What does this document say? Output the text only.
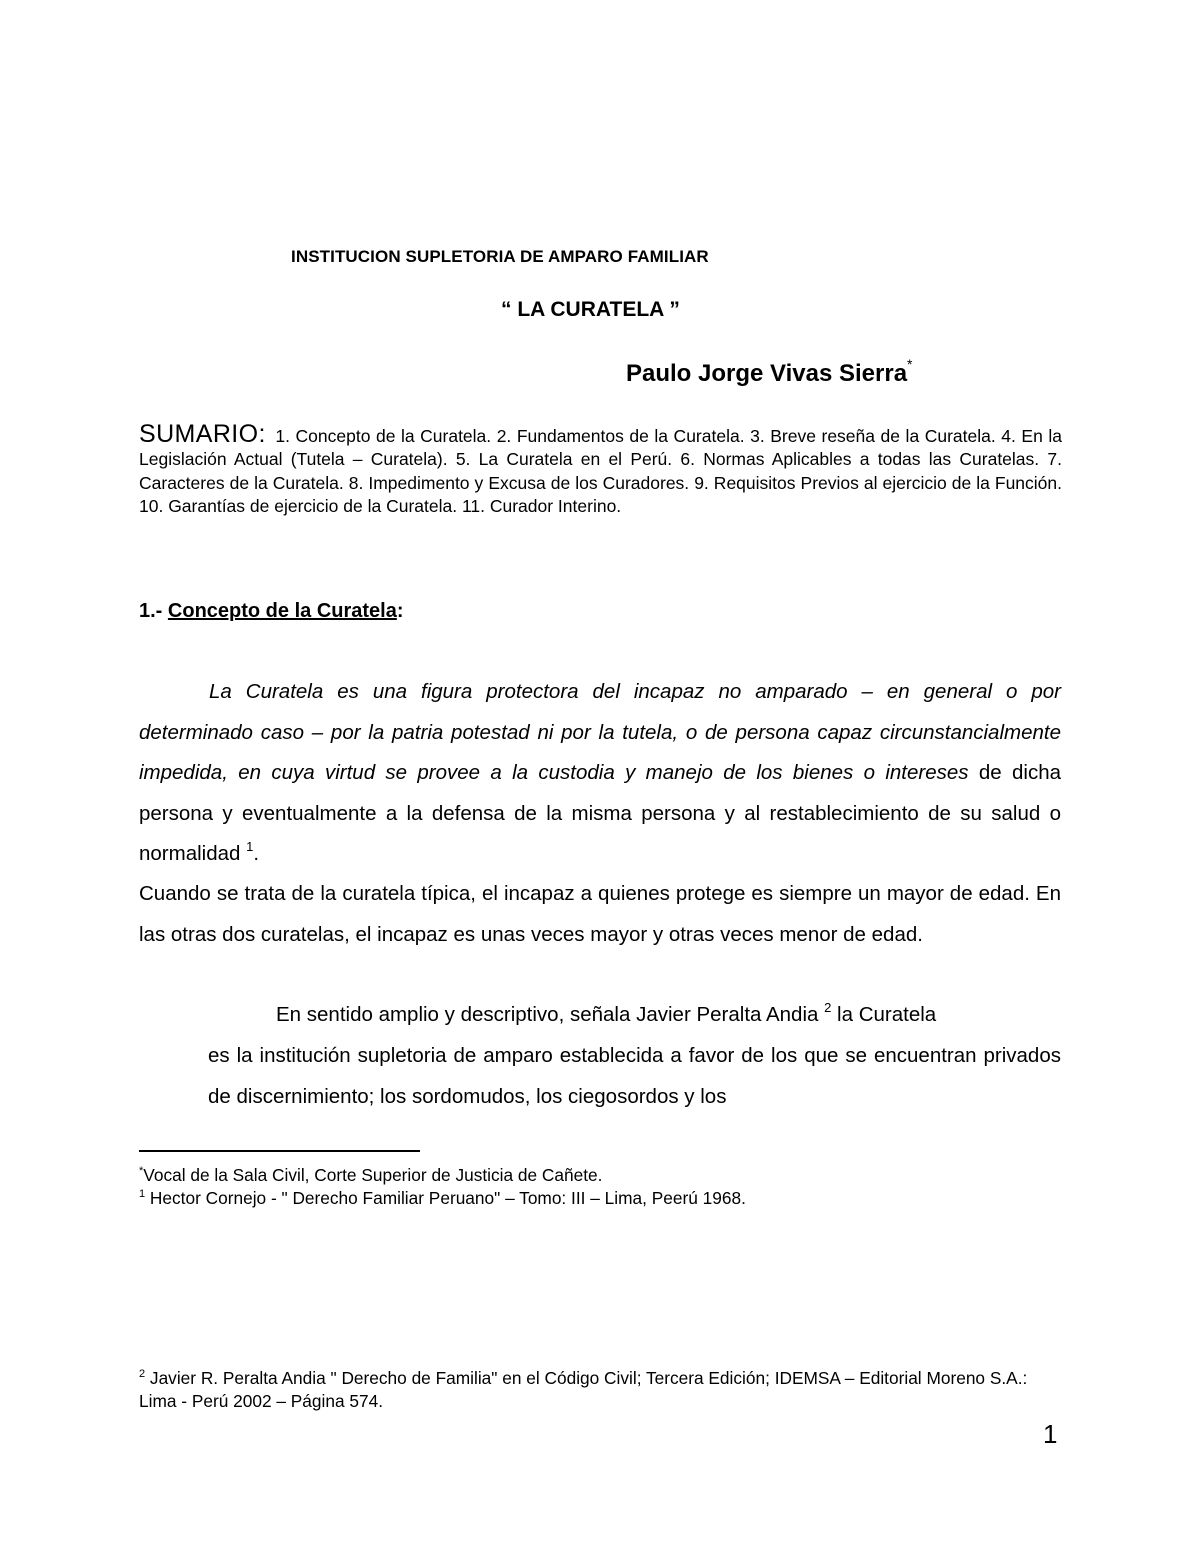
INSTITUCION SUPLETORIA DE AMPARO FAMILIAR
“ LA CURATELA ”
Paulo Jorge Vivas Sierra*
SUMARIO: 1. Concepto de la Curatela. 2. Fundamentos de la Curatela. 3. Breve reseña de la Curatela. 4. En la Legislación Actual (Tutela – Curatela). 5. La Curatela en el Perú. 6. Normas Aplicables a todas las Curatelas. 7. Caracteres de la Curatela. 8. Impedimento y Excusa de los Curadores. 9. Requisitos Previos al ejercicio de la Función. 10. Garantías de ejercicio de la Curatela. 11. Curador Interino.
1.- Concepto de la Curatela:
La Curatela es una figura protectora del incapaz no amparado – en general o por determinado caso – por la patria potestad ni por la tutela, o de persona capaz circunstancialmente impedida, en cuya virtud se provee a la custodia y manejo de los bienes o intereses de dicha persona y eventualmente a la defensa de la misma persona y al restablecimiento de su salud o normalidad $^1$.
Cuando se trata de la curatela típica, el incapaz a quienes protege es siempre un mayor de edad. En las otras dos curatelas, el incapaz es unas veces mayor y otras veces menor de edad.
En sentido amplio y descriptivo, señala Javier Peralta Andia $^2$ la Curatela
es la institución supletoria de amparo establecida a favor de los que se encuentran privados de discernimiento; los sordomudos, los ciegosordos y los
*Vocal de la Sala Civil, Corte Superior de Justicia de Cañete.
$^1$ Hector Cornejo - " Derecho Familiar Peruano" – Tomo: III – Lima, Peerú 1968.
$^2$ Javier R. Peralta Andia " Derecho de Familia" en el Código Civil; Tercera Edición; IDEMSA – Editorial Moreno S.A.: Lima - Perú 2002 – Página 574.
1
